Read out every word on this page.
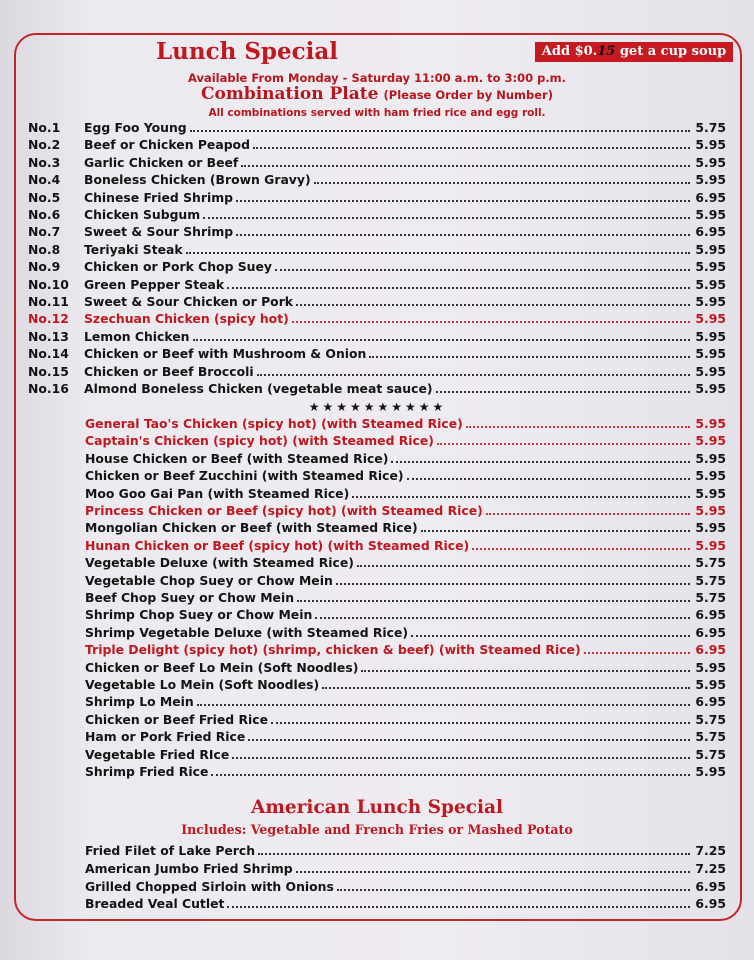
Lunch Special	Add $0.15 get a cup soup
Available From Monday - Saturday 11:00 a.m. to 3:00 p.m.
Combination Plate (Please Order by Number)
All combinations served with ham fried rice and egg roll.
No.1	Egg Foo Young	5.75
No.2	Beef or Chicken Peapod	5.95
No.3	Garlic Chicken or Beef	5.95
No.4	Boneless Chicken (Brown Gravy)	5.95
No.5	Chinese Fried Shrimp	6.95
No.6	Chicken Subgum	5.95
No.7	Sweet & Sour Shrimp	6.95
No.8	Teriyaki Steak	5.95
No.9	Chicken or Pork Chop Suey	5.95
No.10	Green Pepper Steak	5.95
No.11	Sweet & Sour Chicken or Pork	5.95
No.12	Szechuan Chicken (spicy hot)	5.95
No.13	Lemon Chicken	5.95
No.14	Chicken or Beef with Mushroom & Onion	5.95
No.15	Chicken or Beef Broccoli	5.95
No.16	Almond Boneless Chicken (vegetable meat sauce)	5.95
★★★★★★★★★★
General Tao's Chicken (spicy hot) (with Steamed Rice)	5.95
Captain's Chicken (spicy hot) (with Steamed Rice)	5.95
House Chicken or Beef (with Steamed Rice)	5.95
Chicken or Beef Zucchini (with Steamed Rice)	5.95
Moo Goo Gai Pan (with Steamed Rice)	5.95
Princess Chicken or Beef (spicy hot) (with Steamed Rice)	5.95
Mongolian Chicken or Beef (with Steamed Rice)	5.95
Hunan Chicken or Beef (spicy hot) (with Steamed Rice)	5.95
Vegetable Deluxe (with Steamed Rice)	5.75
Vegetable Chop Suey or Chow Mein	5.75
Beef Chop Suey or Chow Mein	5.75
Shrimp Chop Suey or Chow Mein	6.95
Shrimp Vegetable Deluxe (with Steamed Rice)	6.95
Triple Delight (spicy hot) (shrimp, chicken & beef) (with Steamed Rice)	6.95
Chicken or Beef Lo Mein (Soft Noodles)	5.95
Vegetable Lo Mein (Soft Noodles)	5.95
Shrimp Lo Mein	6.95
Chicken or Beef Fried Rice	5.75
Ham or Pork Fried Rice	5.75
Vegetable Fried RIce	5.75
Shrimp Fried Rice	5.95
American Lunch Special
Includes: Vegetable and French Fries or Mashed Potato
Fried Filet of Lake Perch	7.25
American Jumbo Fried Shrimp	7.25
Grilled Chopped Sirloin with Onions	6.95
Breaded Veal Cutlet	6.95
